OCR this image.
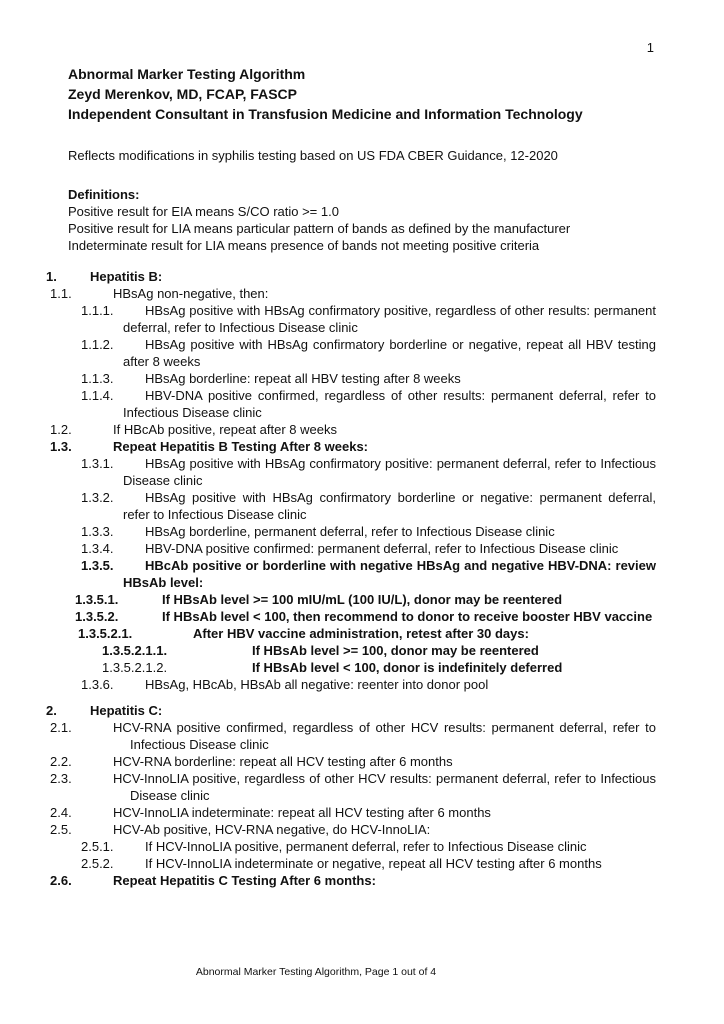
1
Abnormal Marker Testing Algorithm
Zeyd Merenkov, MD, FCAP, FASCP
Independent Consultant in Transfusion Medicine and Information Technology
Reflects modifications in syphilis testing based on US FDA CBER Guidance, 12-2020
Definitions:
Positive result for EIA means S/CO ratio >= 1.0
Positive result for LIA means particular pattern of bands as defined by the manufacturer
Indeterminate result for LIA means presence of bands not meeting positive criteria
1.	Hepatitis B:
1.1.	HBsAg non-negative, then:
1.1.1. HBsAg positive with HBsAg confirmatory positive, regardless of other results: permanent deferral, refer to Infectious Disease clinic
1.1.2. HBsAg positive with HBsAg confirmatory borderline or negative, repeat all HBV testing after 8 weeks
1.1.3. HBsAg borderline: repeat all HBV testing after 8 weeks
1.1.4. HBV-DNA positive confirmed, regardless of other results: permanent deferral, refer to Infectious Disease clinic
1.2.	If HBcAb positive, repeat after 8 weeks
1.3.	Repeat Hepatitis B Testing After 8 weeks:
1.3.1. HBsAg positive with HBsAg confirmatory positive: permanent deferral, refer to Infectious Disease clinic
1.3.2. HBsAg positive with HBsAg confirmatory borderline or negative: permanent deferral, refer to Infectious Disease clinic
1.3.3. HBsAg borderline, permanent deferral, refer to Infectious Disease clinic
1.3.4. HBV-DNA positive confirmed: permanent deferral, refer to Infectious Disease clinic
1.3.5. HBcAb positive or borderline with negative HBsAg and negative HBV-DNA: review HBsAb level:
1.3.5.1.	If HBsAb level >= 100 mIU/mL (100 IU/L), donor may be reentered
1.3.5.2.	If HBsAb level < 100, then recommend to donor to receive booster HBV vaccine
1.3.5.2.1.	After HBV vaccine administration, retest after 30 days:
1.3.5.2.1.1.	If HBsAb level >= 100, donor may be reentered
1.3.5.2.1.2.	If HBsAb level < 100, donor is indefinitely deferred
1.3.6. HBsAg, HBcAb, HBsAb all negative: reenter into donor pool
2.	Hepatitis C:
2.1.	HCV-RNA positive confirmed, regardless of other HCV results: permanent deferral, refer to Infectious Disease clinic
2.2.	HCV-RNA borderline: repeat all HCV testing after 6 months
2.3.	HCV-InnoLIA positive, regardless of other HCV results: permanent deferral, refer to Infectious Disease clinic
2.4.	HCV-InnoLIA indeterminate: repeat all HCV testing after 6 months
2.5.	HCV-Ab positive, HCV-RNA negative, do HCV-InnoLIA:
2.5.1. If HCV-InnoLIA positive, permanent deferral, refer to Infectious Disease clinic
2.5.2. If HCV-InnoLIA indeterminate or negative, repeat all HCV testing after 6 months
2.6.	Repeat Hepatitis C Testing After 6 months:
Abnormal Marker Testing Algorithm, Page 1 out of 4
